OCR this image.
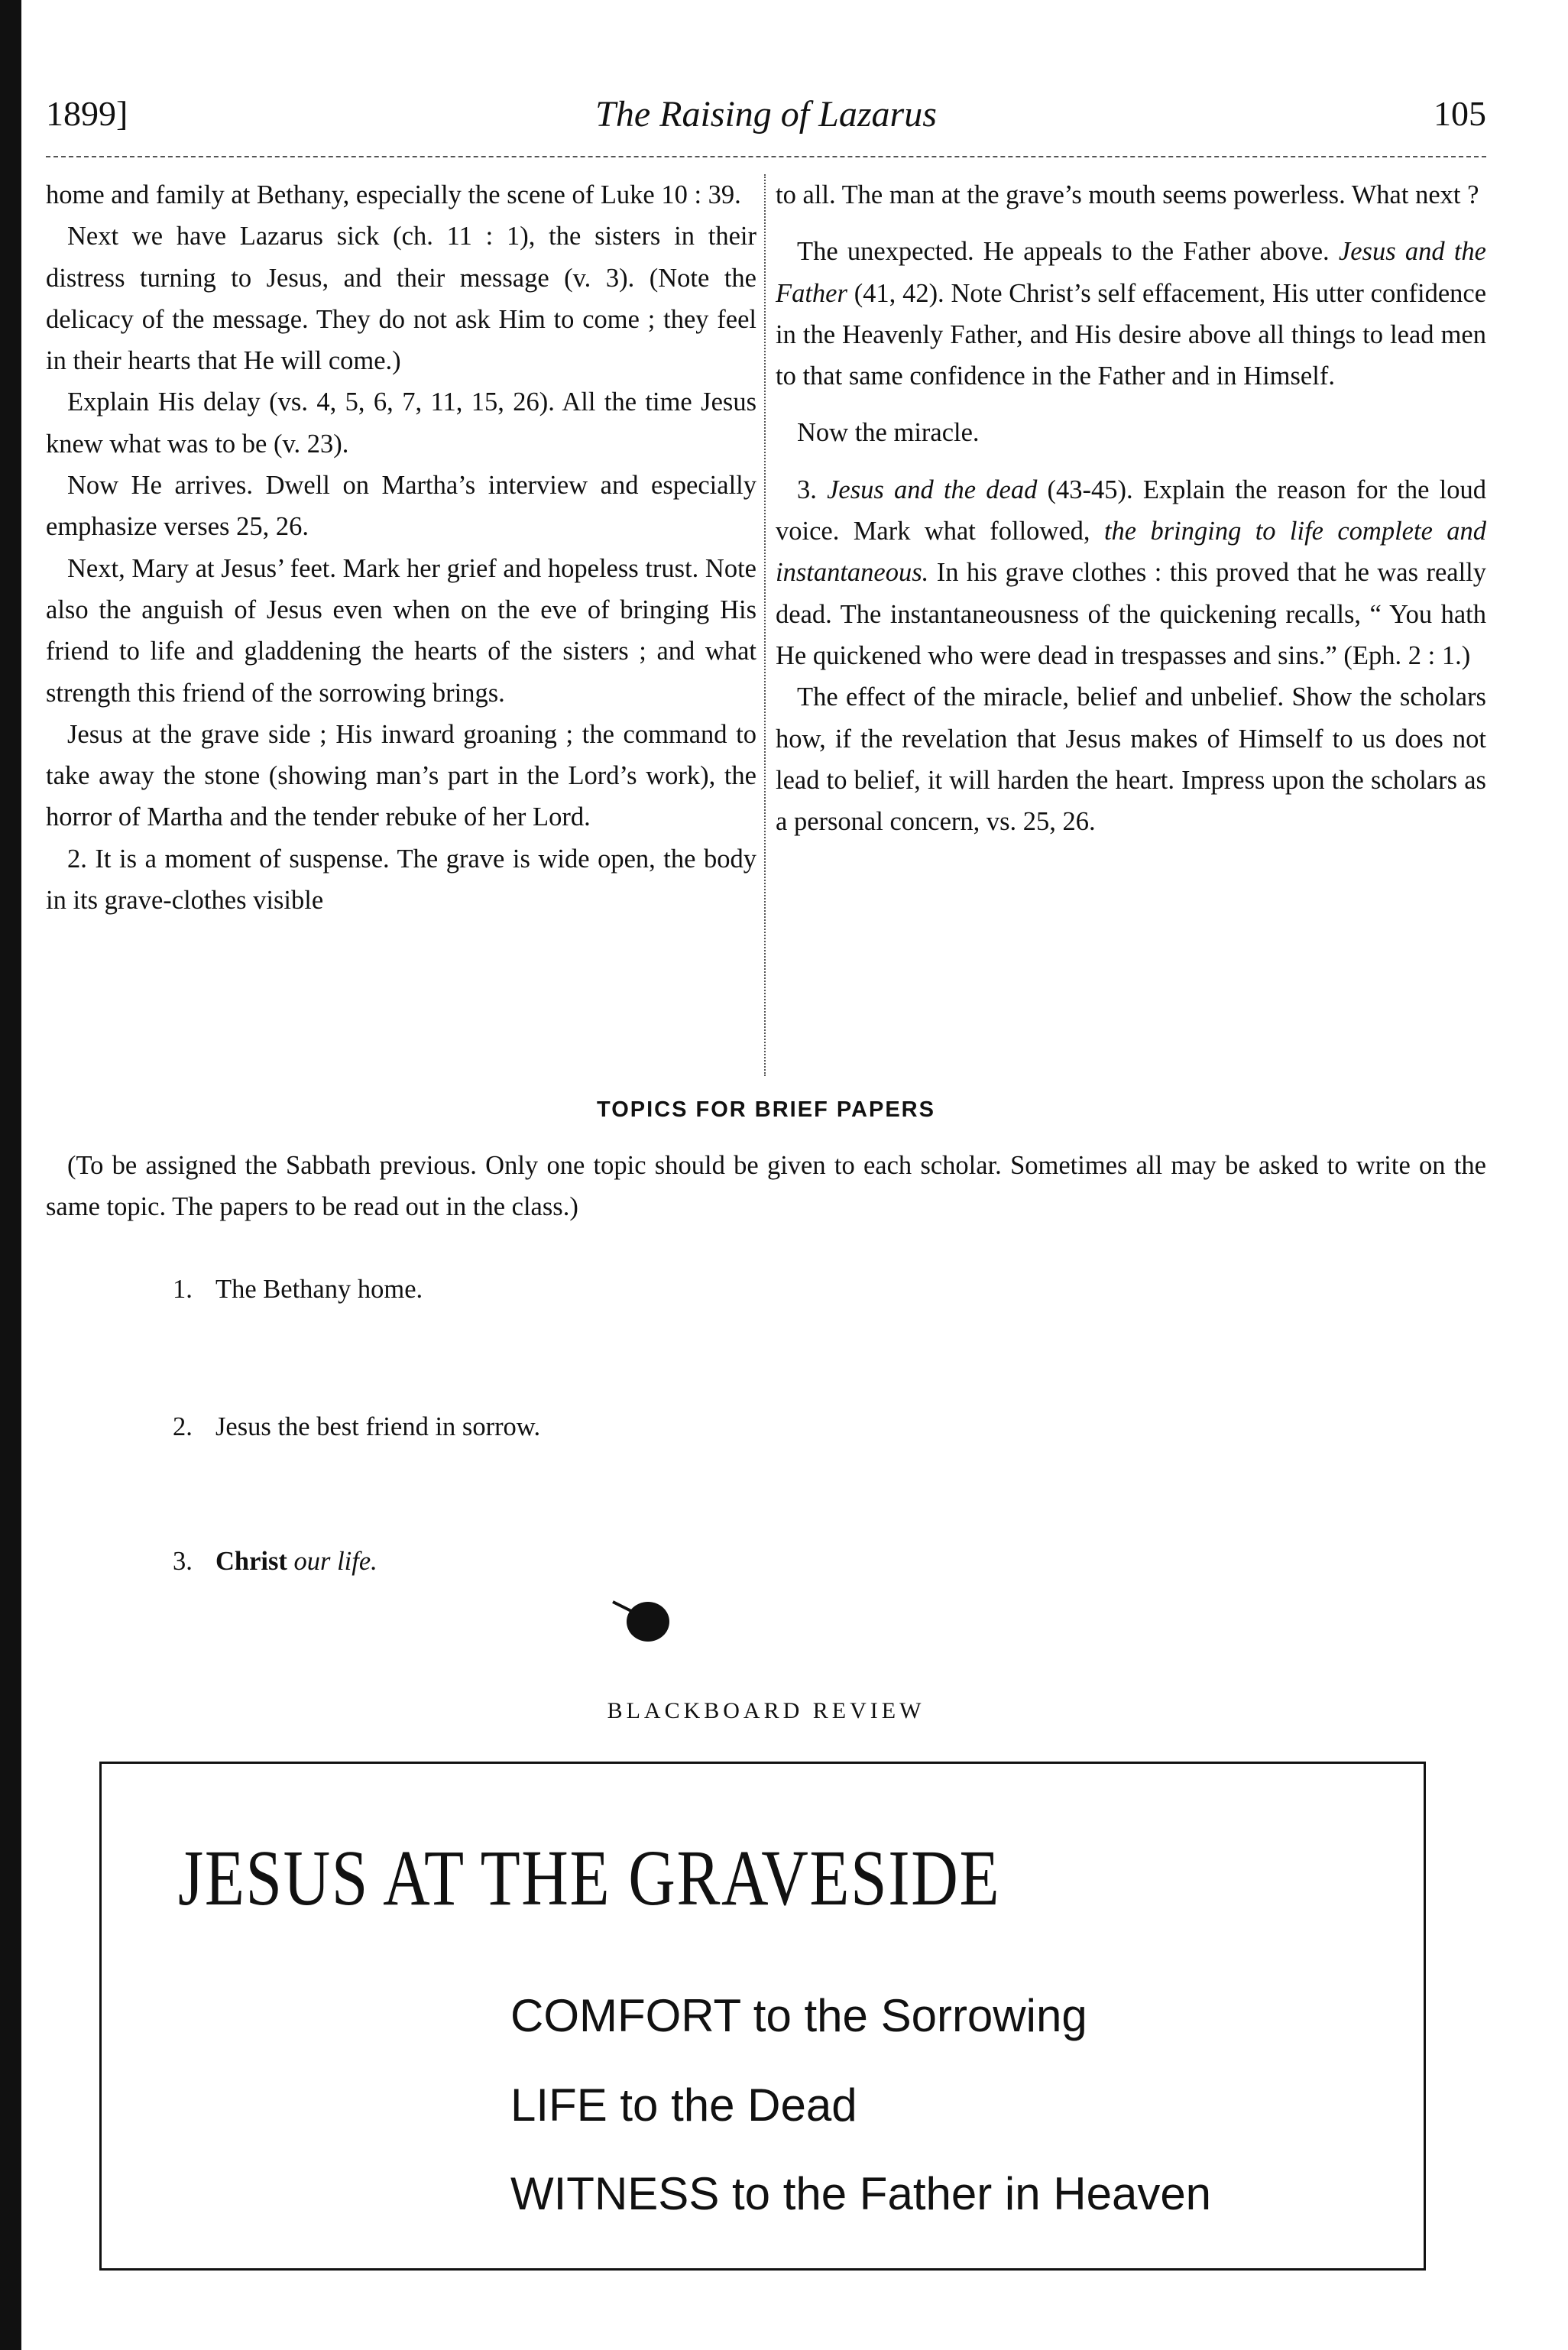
1899]	The Raising of Lazarus	105

home and family at Bethany, especially the scene of Luke 10 : 39.

Next we have Lazarus sick (ch. 11 : 1), the sisters in their distress turning to Jesus, and their message (v. 3). (Note the delicacy of the message. They do not ask Him to come ; they feel in their hearts that He will come.)

Explain His delay (vs. 4, 5, 6, 7, 11, 15, 26). All the time Jesus knew what was to be (v. 23).

Now He arrives. Dwell on Martha’s interview and especially emphasize verses 25, 26.

Next, Mary at Jesus’ feet. Mark her grief and hopeless trust. Note also the anguish of Jesus even when on the eve of bringing His friend to life and gladdening the hearts of the sisters ; and what strength this friend of the sorrowing brings.

Jesus at the grave side ; His inward groaning ; the command to take away the stone (showing man’s part in the Lord’s work), the horror of Martha and the tender rebuke of her Lord.

2. It is a moment of suspense. The grave is wide open, the body in its grave-clothes visible

to all. The man at the grave’s mouth seems powerless. What next ?

The unexpected. He appeals to the Father above. Jesus and the Father (41, 42). Note Christ’s self effacement, His utter confidence in the Heavenly Father, and His desire above all things to lead men to that same confidence in the Father and in Himself.

Now the miracle.

3. Jesus and the dead (43-45). Explain the reason for the loud voice. Mark what followed, the bringing to life complete and instantaneous. In his grave clothes : this proved that he was really dead. The instantaneousness of the quickening recalls, “ You hath He quickened who were dead in trespasses and sins.” (Eph. 2 : 1.)

The effect of the miracle, belief and unbelief. Show the scholars how, if the revelation that Jesus makes of Himself to us does not lead to belief, it will harden the heart. Impress upon the scholars as a personal concern, vs. 25, 26.

TOPICS FOR BRIEF PAPERS
(To be assigned the Sabbath previous. Only one topic should be given to each scholar. Sometimes all may be asked to write on the same topic. The papers to be read out in the class.)
1. The Bethany home.
2. Jesus the best friend in sorrow.
3. Christ our life.
BLACKBOARD REVIEW
JESUS AT THE GRAVESIDE
COMFORT to the Sorrowing
LIFE to the Dead
WITNESS to the Father in Heaven
